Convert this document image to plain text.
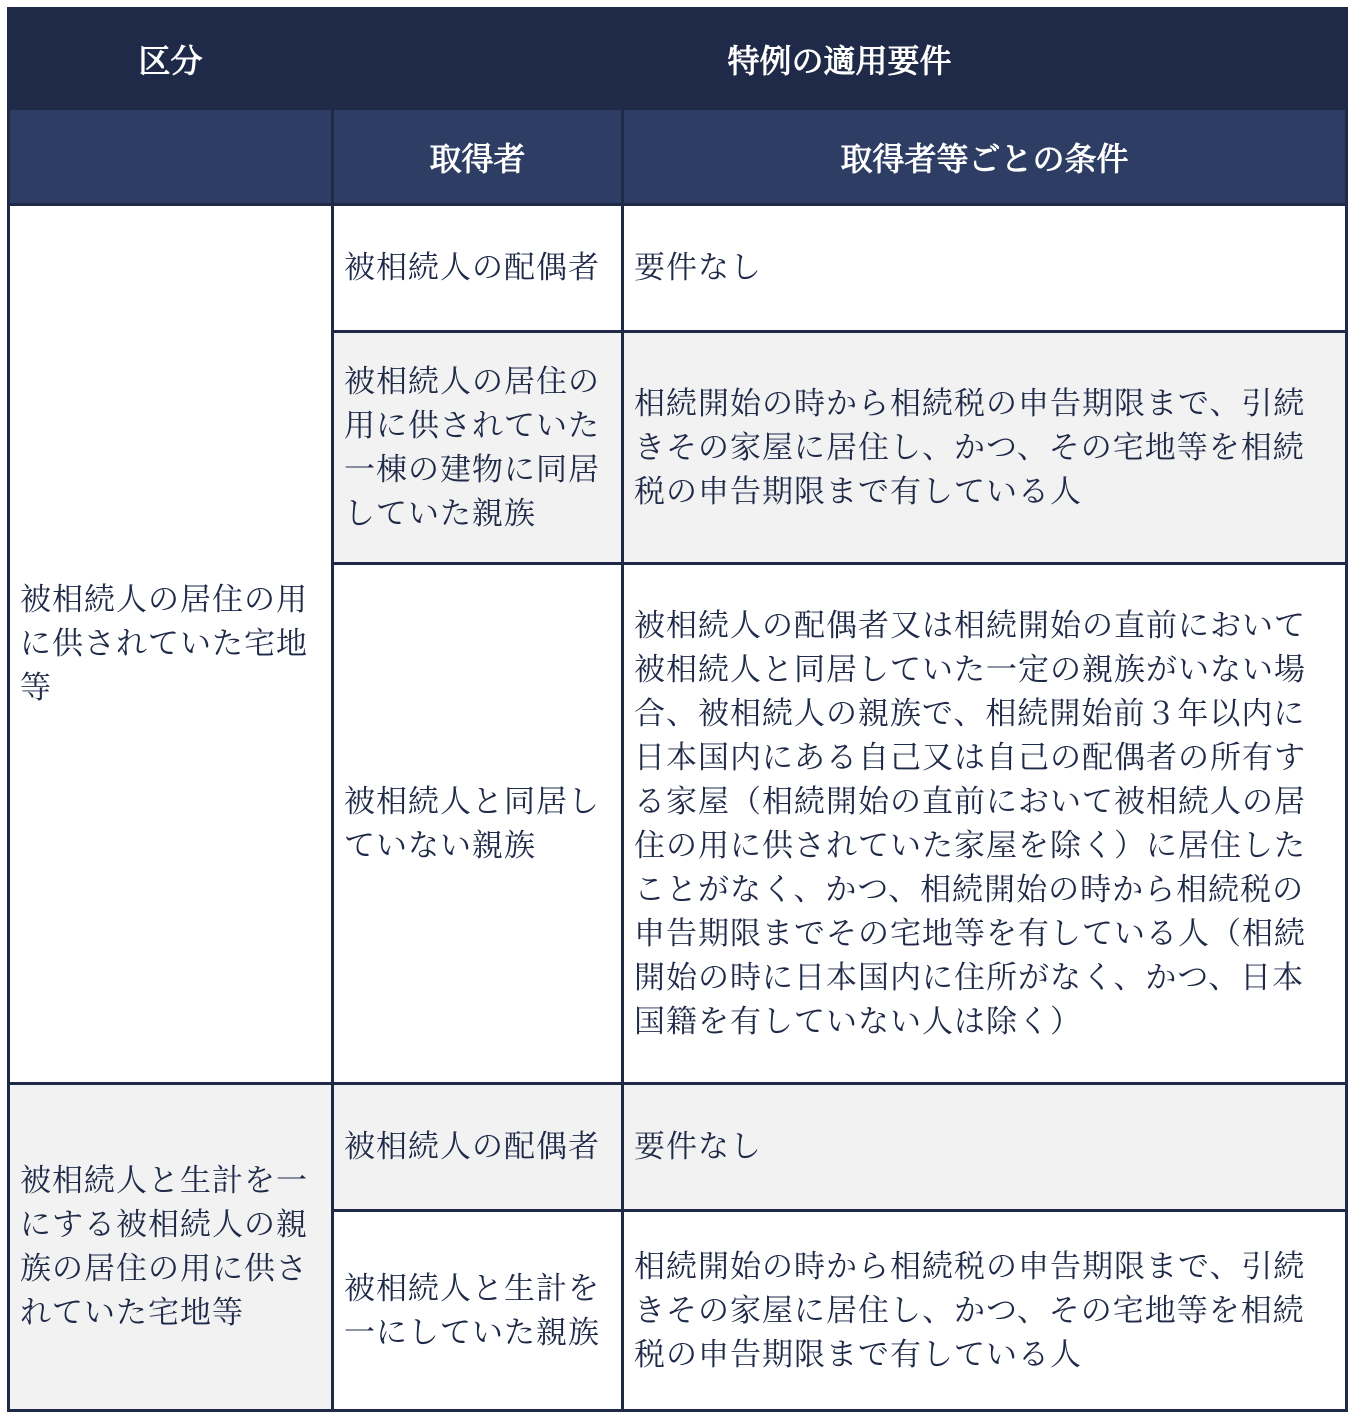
区分	特例の適用要件	
	取得者	取得者等ごとの条件
被相続人の居住の用に供されていた宅地等	被相続人の配偶者	要件なし
	被相続人の居住の用に供されていた一棟の建物に同居していた親族	相続開始の時から相続税の申告期限まで、引続きその家屋に居住し、かつ、その宅地等を相続税の申告期限まで有している人
	被相続人と同居していない親族	被相続人の配偶者又は相続開始の直前において被相続人と同居していた一定の親族がいない場合、被相続人の親族で、相続開始前３年以内に日本国内にある自己又は自己の配偶者の所有する家屋（相続開始の直前において被相続人の居住の用に供されていた家屋を除く）に居住したことがなく、かつ、相続開始の時から相続税の申告期限までその宅地等を有している人（相続開始の時に日本国内に住所がなく、かつ、日本国籍を有していない人は除く）
被相続人と生計を一にする被相続人の親族の居住の用に供されていた宅地等	被相続人の配偶者	要件なし
	被相続人と生計を一にしていた親族	相続開始の時から相続税の申告期限まで、引続きその家屋に居住し、かつ、その宅地等を相続税の申告期限まで有している人
